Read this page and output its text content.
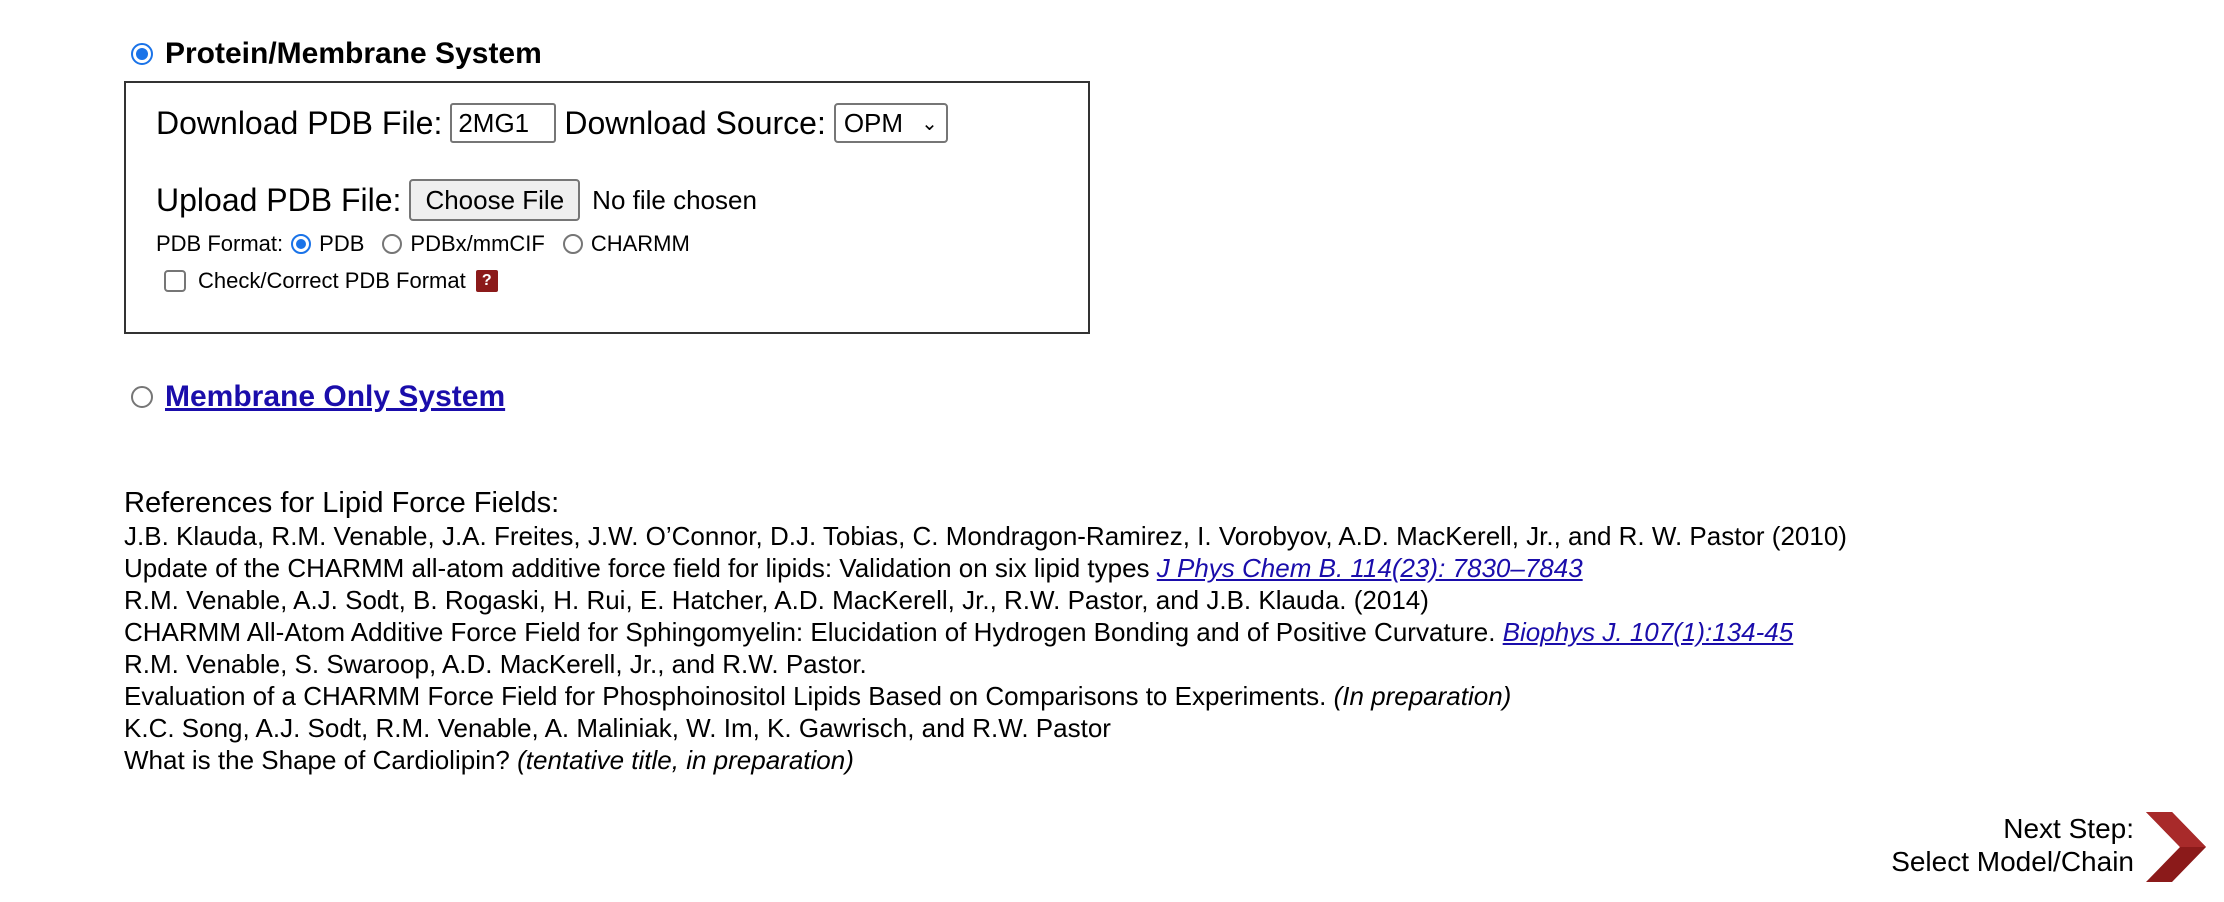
Protein/Membrane System
Download PDB File:
2MG1	Download Source: OPM ⌄
Upload PDB File: Choose File	No file chosen
PDB Format: PDB PDBx/mmCIF CHARMM
Check/Correct PDB Format	?
Membrane Only System
References for Lipid Force Fields:
J.B. Klauda, R.M. Venable, J.A. Freites, J.W. O’Connor, D.J. Tobias, C. Mondragon-Ramirez, I. Vorobyov, A.D. MacKerell, Jr., and R. W. Pastor (2010)
Update of the CHARMM all-atom additive force field for lipids: Validation on six lipid types J Phys Chem B. 114(23): 7830–7843
R.M. Venable, A.J. Sodt, B. Rogaski, H. Rui, E. Hatcher, A.D. MacKerell, Jr., R.W. Pastor, and J.B. Klauda. (2014)
CHARMM All-Atom Additive Force Field for Sphingomyelin: Elucidation of Hydrogen Bonding and of Positive Curvature. Biophys J. 107(1):134-45
R.M. Venable, S. Swaroop, A.D. MacKerell, Jr., and R.W. Pastor.
Evaluation of a CHARMM Force Field for Phosphoinositol Lipids Based on Comparisons to Experiments. (In preparation)
K.C. Song, A.J. Sodt, R.M. Venable, A. Maliniak, W. Im, K. Gawrisch, and R.W. Pastor
What is the Shape of Cardiolipin? (tentative title, in preparation)
Next Step:
Select Model/Chain
